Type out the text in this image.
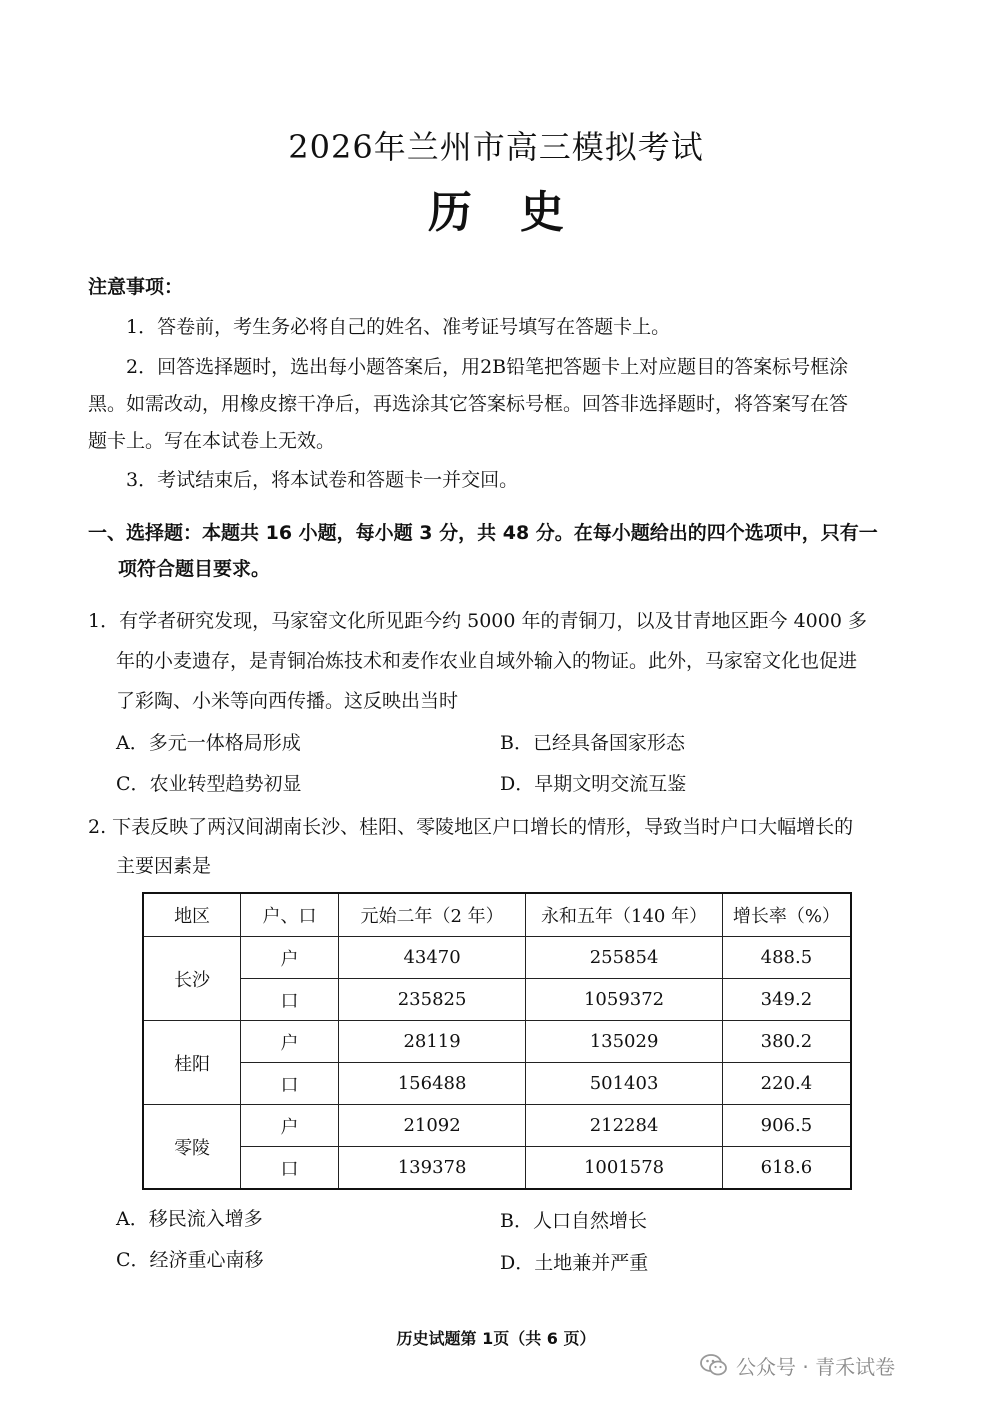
2026年兰州市高三模拟考试
历 史
注意事项：
1．答卷前，考生务必将自己的姓名、准考证号填写在答题卡上。
2．回答选择题时，选出每小题答案后，用2B铅笔把答题卡上对应题目的答案标号框涂
黑。如需改动，用橡皮擦干净后，再选涂其它答案标号框。回答非选择题时，将答案写在答
题卡上。写在本试卷上无效。
3．考试结束后，将本试卷和答题卡一并交回。
一、选择题：本题共 16 小题，每小题 3 分，共 48 分。在每小题给出的四个选项中，只有一
项符合题目要求。
1．有学者研究发现，马家窑文化所见距今约 5000 年的青铜刀，以及甘青地区距今 4000 多
年的小麦遗存，是青铜冶炼技术和麦作农业自域外输入的物证。此外，马家窑文化也促进
了彩陶、小米等向西传播。这反映出当时
A．多元一体格局形成	B．已经具备国家形态
C．农业转型趋势初显	D．早期文明交流互鉴
2. 下表反映了两汉间湖南长沙、桂阳、零陵地区户口增长的情形，导致当时户口大幅增长的
主要因素是
地区	户、口	元始二年（2 年）	永和五年（140 年）	增长率（%）
长沙	户	43470	255854	488.5
	口	235825	1059372	349.2
桂阳	户	28119	135029	380.2
	口	156488	501403	220.4
零陵	户	21092	212284	906.5
	口	139378	1001578	618.6
A．移民流入增多	B．人口自然增长
C．经济重心南移	D．土地兼并严重
历史试题第 1页（共 6 页）
公众号 · 青禾试卷
